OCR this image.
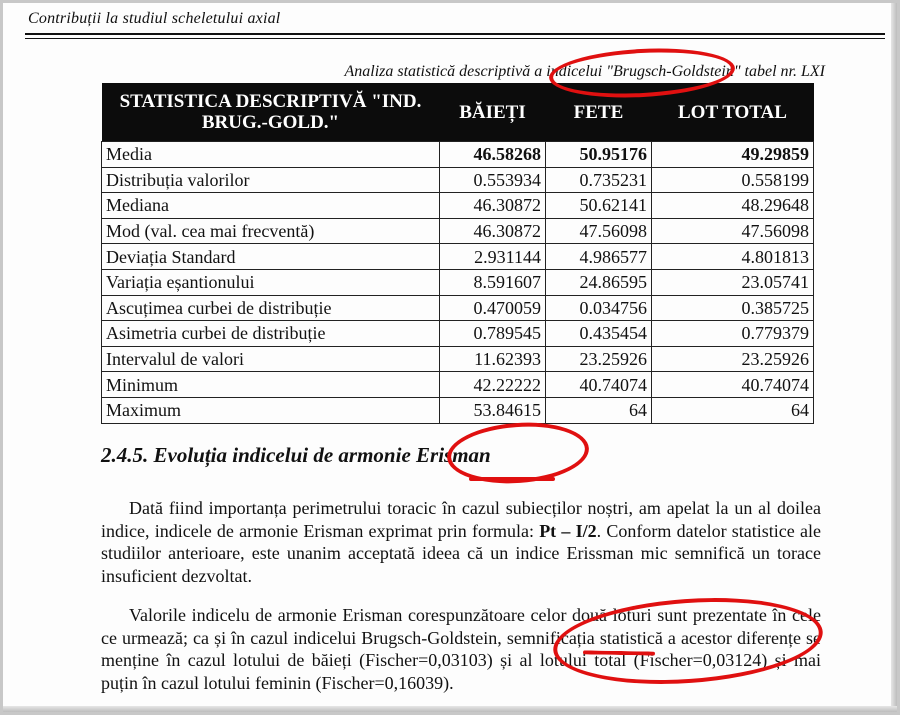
Contribuții la studiul scheletului axial
Analiza statistică descriptivă a indicelui "Brugsch-Goldstein" tabel nr. LXI
STATISTICA DESCRIPTIVĂ "IND. BRUG.-GOLD."	BĂIEȚI	FETE	LOT TOTAL
Media	46.58268	50.95176	49.29859
Distribuția valorilor	0.553934	0.735231	0.558199
Mediana	46.30872	50.62141	48.29648
Mod (val. cea mai frecventă)	46.30872	47.56098	47.56098
Deviația Standard	2.931144	4.986577	4.801813
Variația eșantionului	8.591607	24.86595	23.05741
Ascuțimea curbei de distribuție	0.470059	0.034756	0.385725
Asimetria curbei de distribuție	0.789545	0.435454	0.779379
Intervalul de valori	11.62393	23.25926	23.25926
Minimum	42.22222	40.74074	40.74074
Maximum	53.84615	64	64
2.4.5. Evoluția indicelui de armonie Erisman
Dată fiind importanța perimetrului toracic în cazul subiecților noștri, am apelat la un al doilea indice, indicele de armonie Erisman exprimat prin formula: Pt – I/2. Conform datelor statistice ale studiilor anterioare, este unanim acceptată ideea că un indice Erissman mic semnifică un torace insuficient dezvoltat.
Valorile indicelu de armonie Erisman corespunzătoare celor două loturi sunt prezentate în cele ce urmează; ca și în cazul indicelui Brugsch-Goldstein, semnificația statistică a acestor diferențe se menține în cazul lotului de băieți (Fischer=0,03103) și al lotului total (Fischer=0,03124) și mai puțin în cazul lotului feminin (Fischer=0,16039).
